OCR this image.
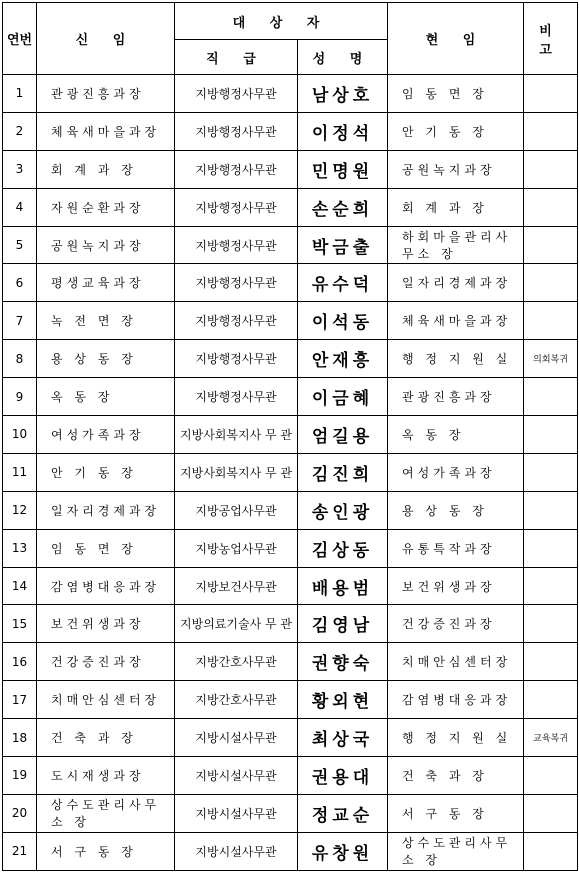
연번	신 임	대 상 자		현 임	비 고
		직 급	성 명		
1	관광진흥과장	지방행정사무관	남상호	임 동 면 장	
2	체육새마을과장	지방행정사무관	이정석	안 기 동 장	
3	회 계 과 장	지방행정사무관	민명원	공원녹지과장	
4	자원순환과장	지방행정사무관	손순희	회 계 과 장	
5	공원녹지과장	지방행정사무관	박금출	하회마을관리사무소 장	
6	평생교육과장	지방행정사무관	유수덕	일자리경제과장	
7	녹 전 면 장	지방행정사무관	이석동	체육새마을과장	
8	용 상 동 장	지방행정사무관	안재흥	행 정 지 원 실	의회복귀
9	옥 동 장	지방행정사무관	이금혜	관광진흥과장	
10	여성가족과장	지방사회복지사 무 관	엄길용	옥 동 장	
11	안 기 동 장	지방사회복지사 무 관	김진희	여성가족과장	
12	일자리경제과장	지방공업사무관	송인광	용 상 동 장	
13	임 동 면 장	지방농업사무관	김상동	유통특작과장	
14	감염병대응과장	지방보건사무관	배용범	보건위생과장	
15	보건위생과장	지방의료기술사 무 관	김영남	건강증진과장	
16	건강증진과장	지방간호사무관	권향숙	치매안심센터장	
17	치매안심센터장	지방간호사무관	황외현	감염병대응과장	
18	건 축 과 장	지방시설사무관	최상국	행 정 지 원 실	교육복귀
19	도시재생과장	지방시설사무관	권용대	건 축 과 장	
20	상수도관리사무소 장	지방시설사무관	정교순	서 구 동 장	
21	서 구 동 장	지방시설사무관	유창원	상수도관리사무소 장	
